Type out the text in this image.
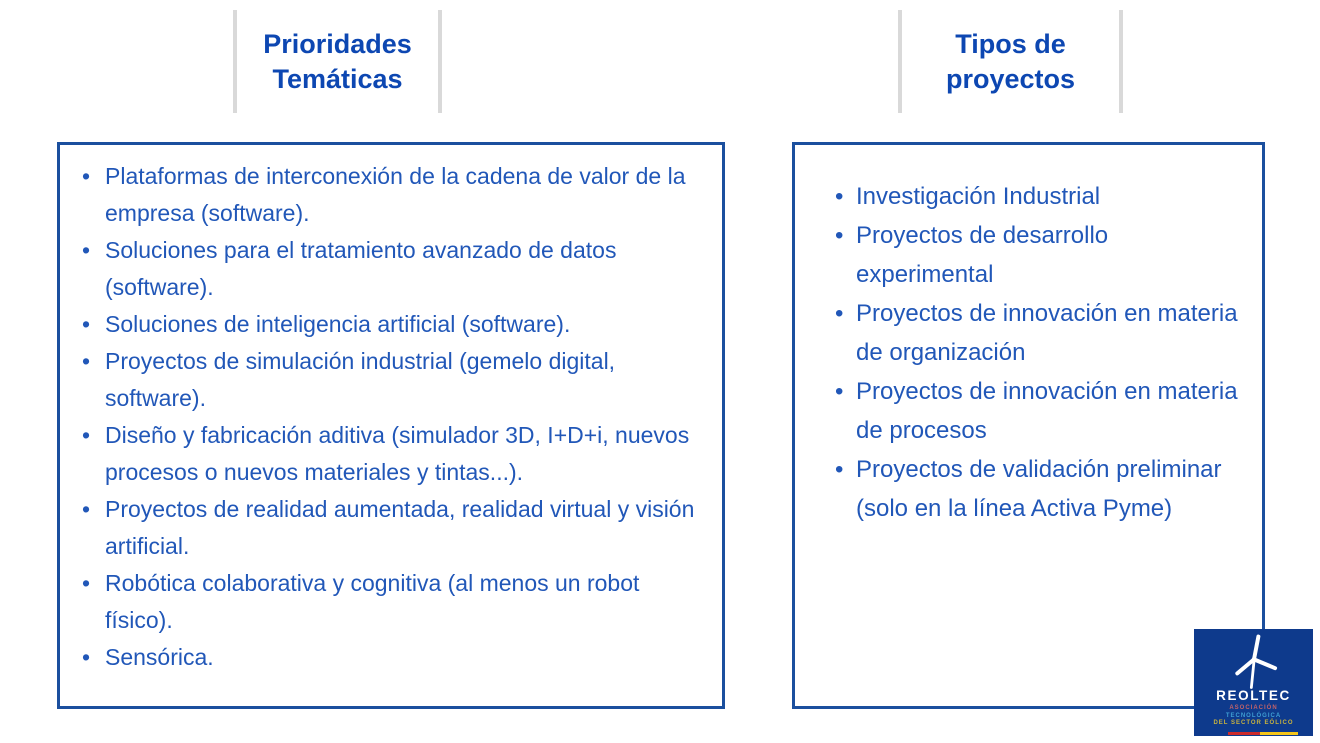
Prioridades
Temáticas
Tipos de
proyectos
• Plataformas de interconexión de la cadena de valor de la empresa (software).
• Soluciones para el tratamiento avanzado de datos (software).
• Soluciones de inteligencia artificial (software).
• Proyectos de simulación industrial (gemelo digital, software).
• Diseño y fabricación aditiva (simulador 3D, I+D+i, nuevos procesos o nuevos materiales y tintas...).
• Proyectos de realidad aumentada, realidad virtual y visión artificial.
• Robótica colaborativa y cognitiva (al menos un robot físico).
• Sensórica.
• Investigación Industrial
• Proyectos de desarrollo experimental
• Proyectos de innovación en materia de organización
• Proyectos de innovación en materia de procesos
• Proyectos de validación preliminar (solo en la línea Activa Pyme)
REOLTEC
ASOCIACIÓN
TECNOLÓGICA
DEL SECTOR EÓLICO
